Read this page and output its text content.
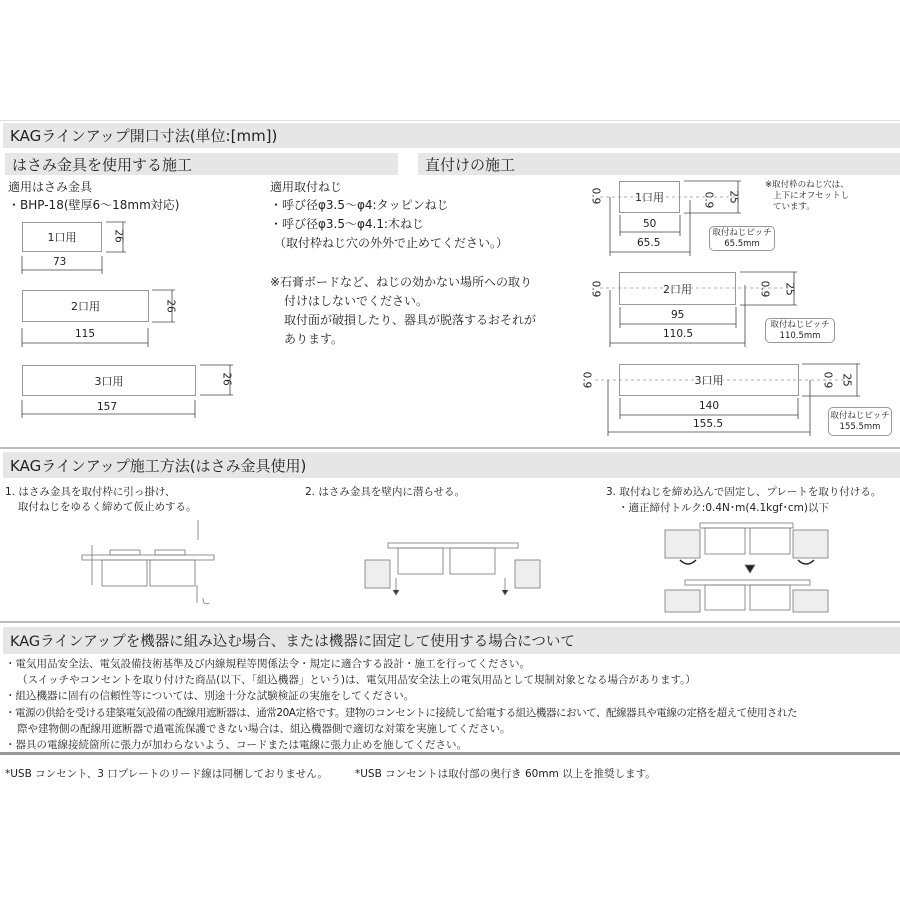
KAGラインアップ開口寸法(単位:[mm])
はさみ金具を使用する施工	直付けの施工
適用はさみ金具
・BHP-18(壁厚6～18mm対応)
1口用	26
73
2口用	26
115
3口用	26
157
適用取付ねじ
・呼び径φ3.5～φ4:タッピンねじ
・呼び径φ3.5～φ4.1:木ねじ
（取付枠ねじ穴の外外で止めてください。）
※石膏ボードなど、ねじの効かない場所への取り
付けはしないでください。
取付面が破損したり、器具が脱落するおそれが
あります。
※取付枠のねじ穴は、
上下にオフセットし
ています。
1口用
0.9	0.9 25
50
65.5
取付ねじピッチ
65.5mm
2口用
0.9	0.9 25
95
110.5
取付ねじピッチ
110.5mm
3口用
0.9	0.9 25
140
155.5
取付ねじピッチ
155.5mm
KAGラインアップ施工方法(はさみ金具使用)
1. はさみ金具を取付枠に引っ掛け、
取付ねじをゆるく締めて仮止めする。
2. はさみ金具を壁内に潜らせる。	3. 取付ねじを締め込んで固定し、プレートを取り付ける。
・適正締付トルク:0.4N･m(4.1kgf･cm)以下
KAGラインアップを機器に組み込む場合、または機器に固定して使用する場合について
・電気用品安全法、電気設備技術基準及び内線規程等関係法令・規定に適合する設計・施工を行ってください。
（スイッチやコンセントを取り付けた商品(以下、「組込機器」という)は、電気用品安全法上の電気用品として規制対象となる場合があります。）
・組込機器に固有の信頼性等については、別途十分な試験検証の実施をしてください。
・電源の供給を受ける建築電気設備の配線用遮断器は、通常20A定格です。建物のコンセントに接続して給電する組込機器において、配線器具や電線の定格を超えて使用された
際や建物側の配線用遮断器で過電流保護できない場合は、組込機器側で適切な対策を実施してください。
・器具の電線接続箇所に張力が加わらないよう、コードまたは電線に張力止めを施してください。
*USB コンセント、3 口プレートのリード線は同梱しておりません。	*USB コンセントは取付部の奥行き 60mm 以上を推奨します。
